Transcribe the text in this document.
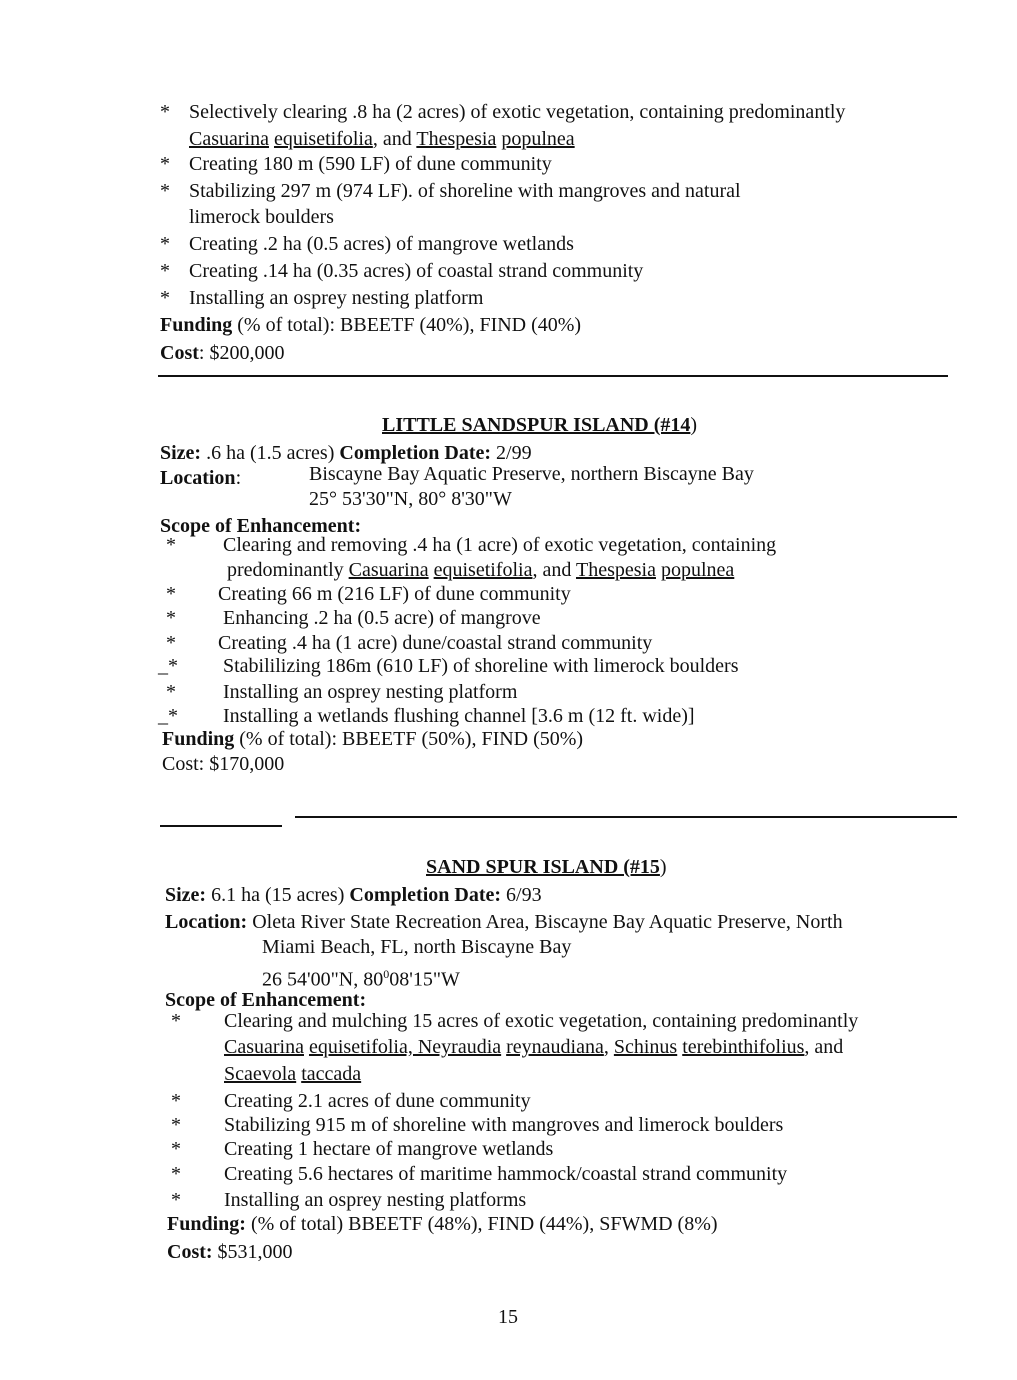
* Selectively clearing .8 ha (2 acres) of exotic vegetation, containing predominantly
Casuarina equisetifolia, and Thespesia populnea
* Creating 180 m (590 LF) of dune community
* Stabilizing 297 m (974 LF). of shoreline with mangroves and natural
limerock boulders
* Creating .2 ha (0.5 acres) of mangrove wetlands
* Creating .14 ha (0.35 acres) of coastal strand community
* Installing an osprey nesting platform
Funding (% of total): BBEETF (40%), FIND (40%)
Cost: $200,000
LITTLE SANDSPUR ISLAND (#14)
Size: .6 ha (1.5 acres) Completion Date: 2/99
Location:	Biscayne Bay Aquatic Preserve, northern Biscayne Bay
25° 53'30"N, 80° 8'30"W
Scope of Enhancement:
* Clearing and removing .4 ha (1 acre) of exotic vegetation, containing
predominantly Casuarina equisetifolia, and Thespesia populnea
* Creating 66 m (216 LF) of dune community
* Enhancing .2 ha (0.5 acre) of mangrove
* Creating .4 ha (1 acre) dune/coastal strand community
_* Stabililizing 186m (610 LF) of shoreline with limerock boulders
* Installing an osprey nesting platform
_* Installing a wetlands flushing channel [3.6 m (12 ft. wide)]
Funding (% of total): BBEETF (50%), FIND (50%)
Cost: $170,000
SAND SPUR ISLAND (#15)
Size: 6.1 ha (15 acres) Completion Date: 6/93
Location: Oleta River State Recreation Area, Biscayne Bay Aquatic Preserve, North
Miami Beach, FL, north Biscayne Bay
26 54'00"N, $80^008'15"W$
Scope of Enhancement:
* Clearing and mulching 15 acres of exotic vegetation, containing predominantly
Casuarina equisetifolia, Neyraudia reynaudiana, Schinus terebinthifolius, and
Scaevola taccada
* Creating 2.1 acres of dune community
* Stabilizing 915 m of shoreline with mangroves and limerock boulders
* Creating 1 hectare of mangrove wetlands
* Creating 5.6 hectares of maritime hammock/coastal strand community
* Installing an osprey nesting platforms
Funding: (% of total) BBEETF (48%), FIND (44%), SFWMD (8%)
Cost: $531,000
15
